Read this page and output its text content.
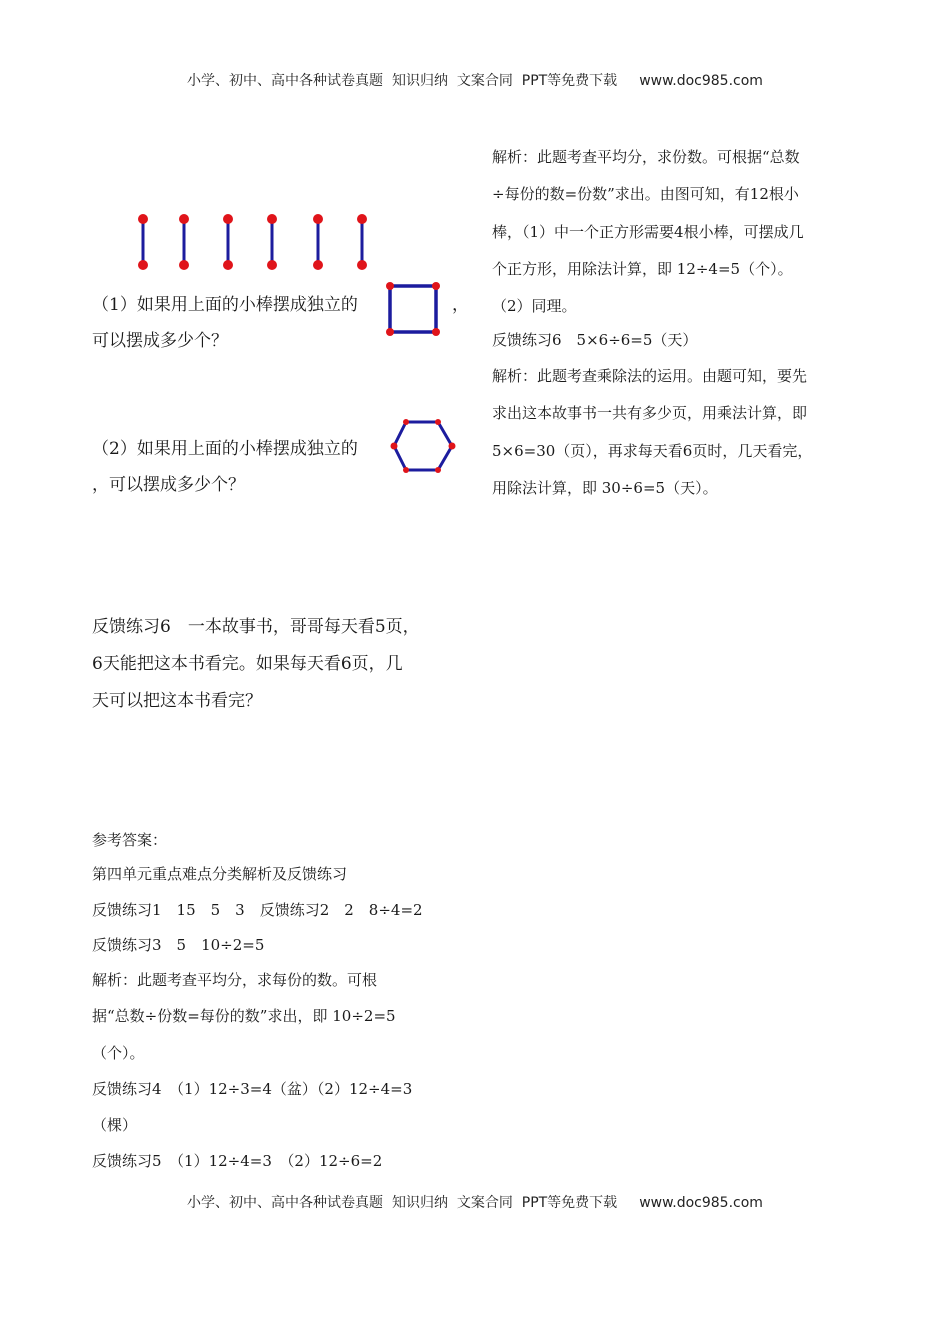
小学、初中、高中各种试卷真题  知识归纳  文案合同  PPT等免费下载 www.doc985.com
（1）如果用上面的小棒摆成独立的	，
可以摆成多少个？
（2）如果用上面的小棒摆成独立的
，可以摆成多少个？
反馈练习6　一本故事书，哥哥每天看5页，
6天能把这本书看完。如果每天看6页，几
天可以把这本书看完？
解析：此题考查平均分，求份数。可根据“总数
÷每份的数=份数”求出。由图可知，有12根小
棒，（1）中一个正方形需要4根小棒，可摆成几
个正方形，用除法计算，即 12÷4=5（个）。
（2）同理。
反馈练习6　5×6÷6=5（天）
解析：此题考查乘除法的运用。由题可知，要先
求出这本故事书一共有多少页，用乘法计算，即
5×6=30（页），再求每天看6页时，几天看完，
用除法计算，即 30÷6=5（天）。
参考答案：
第四单元重点难点分类解析及反馈练习
反馈练习1　15　5　3　反馈练习2　2　8÷4=2
反馈练习3　5　10÷2=5
解析：此题考查平均分，求每份的数。可根
据“总数÷份数=每份的数”求出，即 10÷2=5
（个）。
反馈练习4　（1）12÷3=4（盆）（2）12÷4=3
（棵）
反馈练习5　（1）12÷4=3　（2）12÷6=2
小学、初中、高中各种试卷真题  知识归纳  文案合同  PPT等免费下载 www.doc985.com
